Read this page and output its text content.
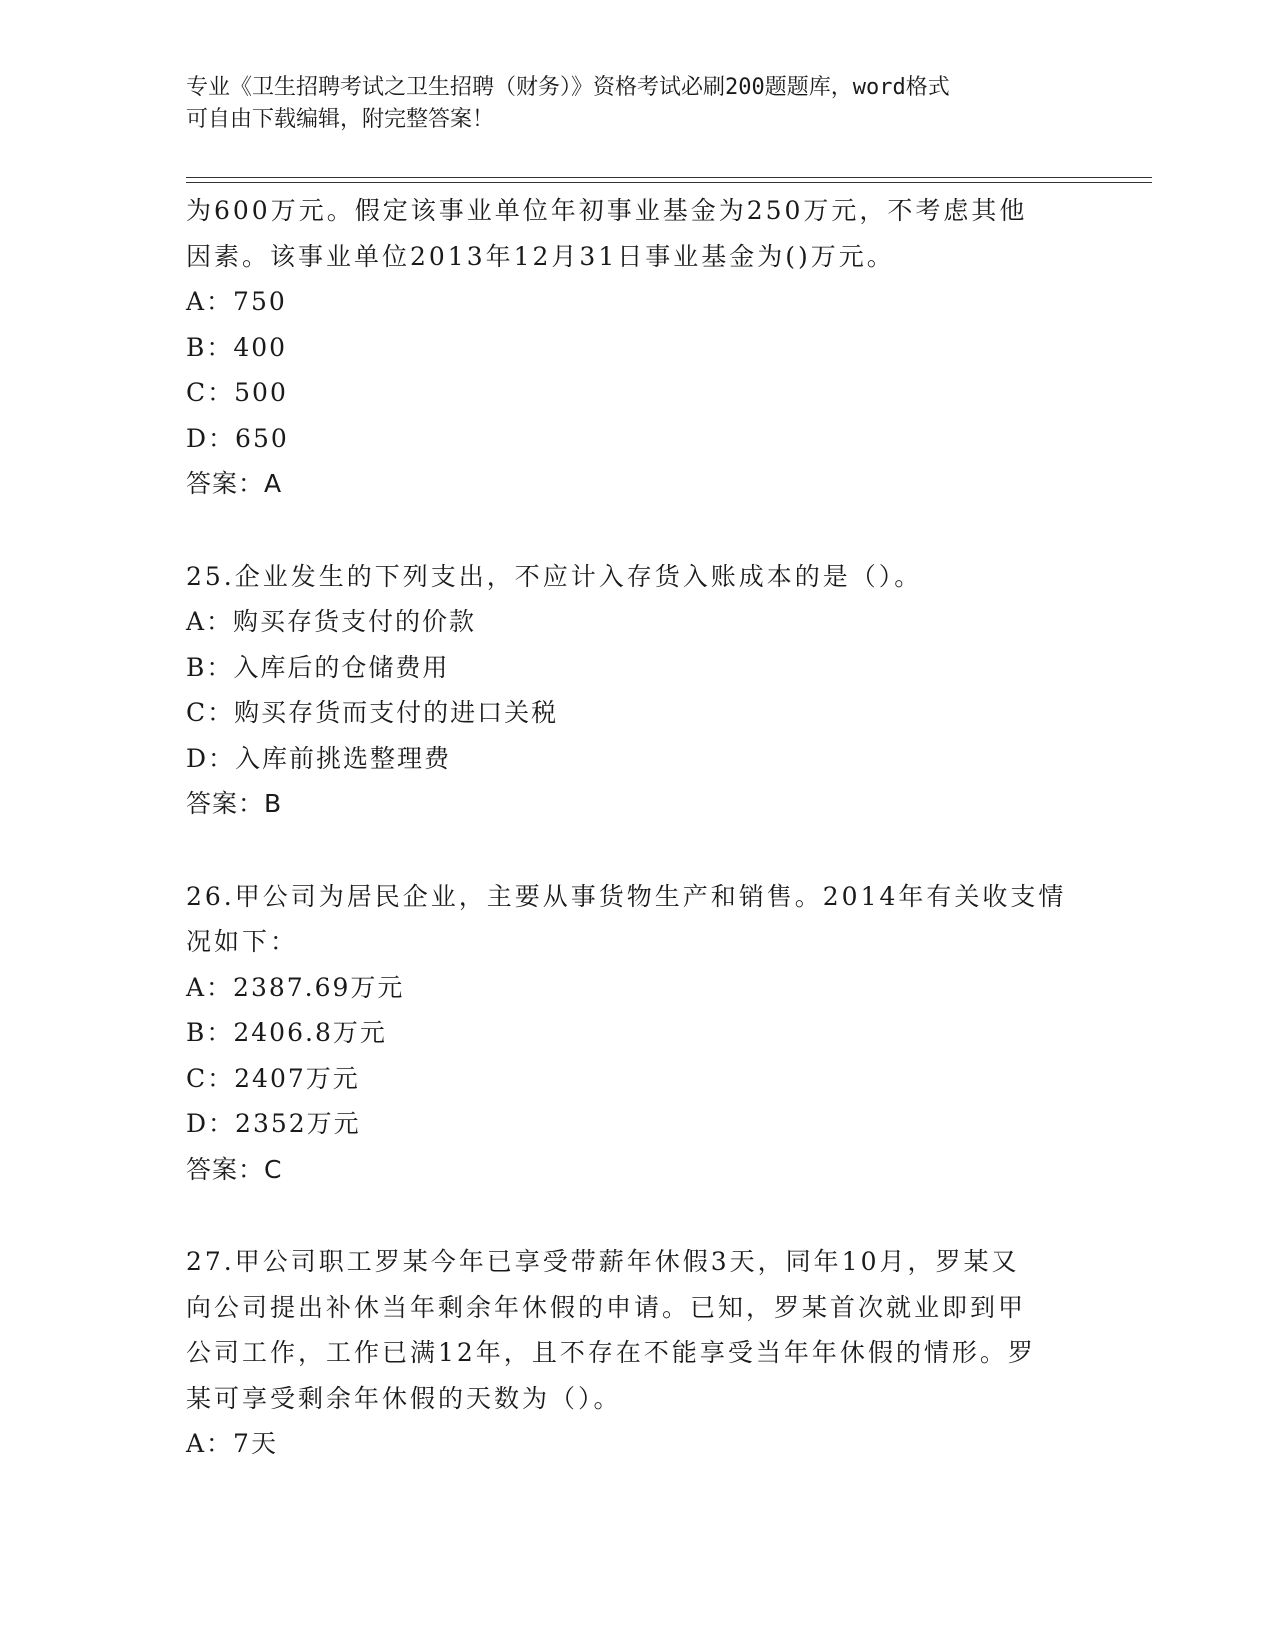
专业《卫生招聘考试之卫生招聘（财务）》资格考试必刷200题题库，word格式
可自由下载编辑，附完整答案！
为600万元。假定该事业单位年初事业基金为250万元，不考虑其他
因素。该事业单位2013年12月31日事业基金为()万元。
A：750
B：400
C：500
D：650
答案：A
25.企业发生的下列支出，不应计入存货入账成本的是（）。
A：购买存货支付的价款
B：入库后的仓储费用
C：购买存货而支付的进口关税
D：入库前挑选整理费
答案：B
26.甲公司为居民企业，主要从事货物生产和销售。2014年有关收支情
况如下：
A：2387.69万元
B：2406.8万元
C：2407万元
D：2352万元
答案：C
27.甲公司职工罗某今年已享受带薪年休假3天，同年10月，罗某又
向公司提出补休当年剩余年休假的申请。已知，罗某首次就业即到甲
公司工作，工作已满12年，且不存在不能享受当年年休假的情形。罗
某可享受剩余年休假的天数为（）。
A：7天
